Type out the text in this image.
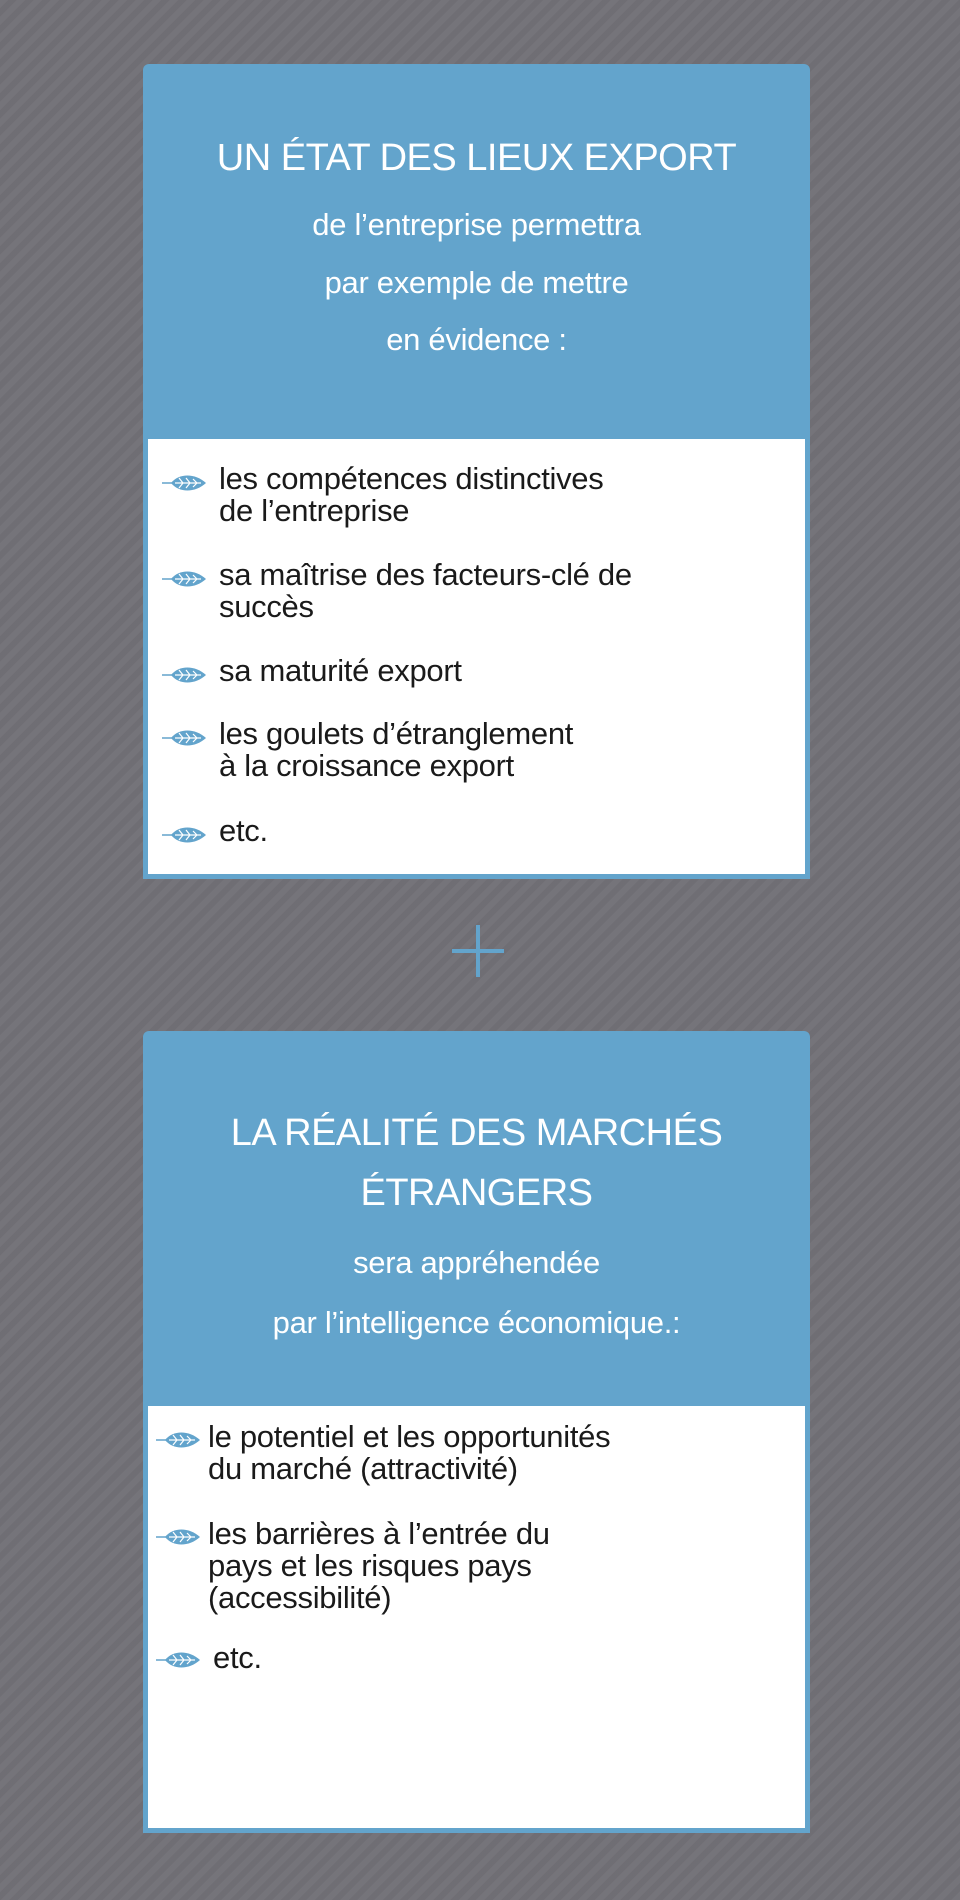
UN ÉTAT DES LIEUX EXPORT
de l’entreprise permettra
par exemple de mettre
en évidence :
les compétences distinctives
de l’entreprise
sa maîtrise des facteurs-clé de
succès
sa maturité export
les goulets d’étranglement
à la croissance export
etc.
LA RÉALITÉ DES MARCHÉS
ÉTRANGERS
sera appréhendée
par l’intelligence économique.:
le potentiel et les opportunités
du marché (attractivité)
les barrières à l’entrée du
pays et les risques pays
(accessibilité)
etc.
